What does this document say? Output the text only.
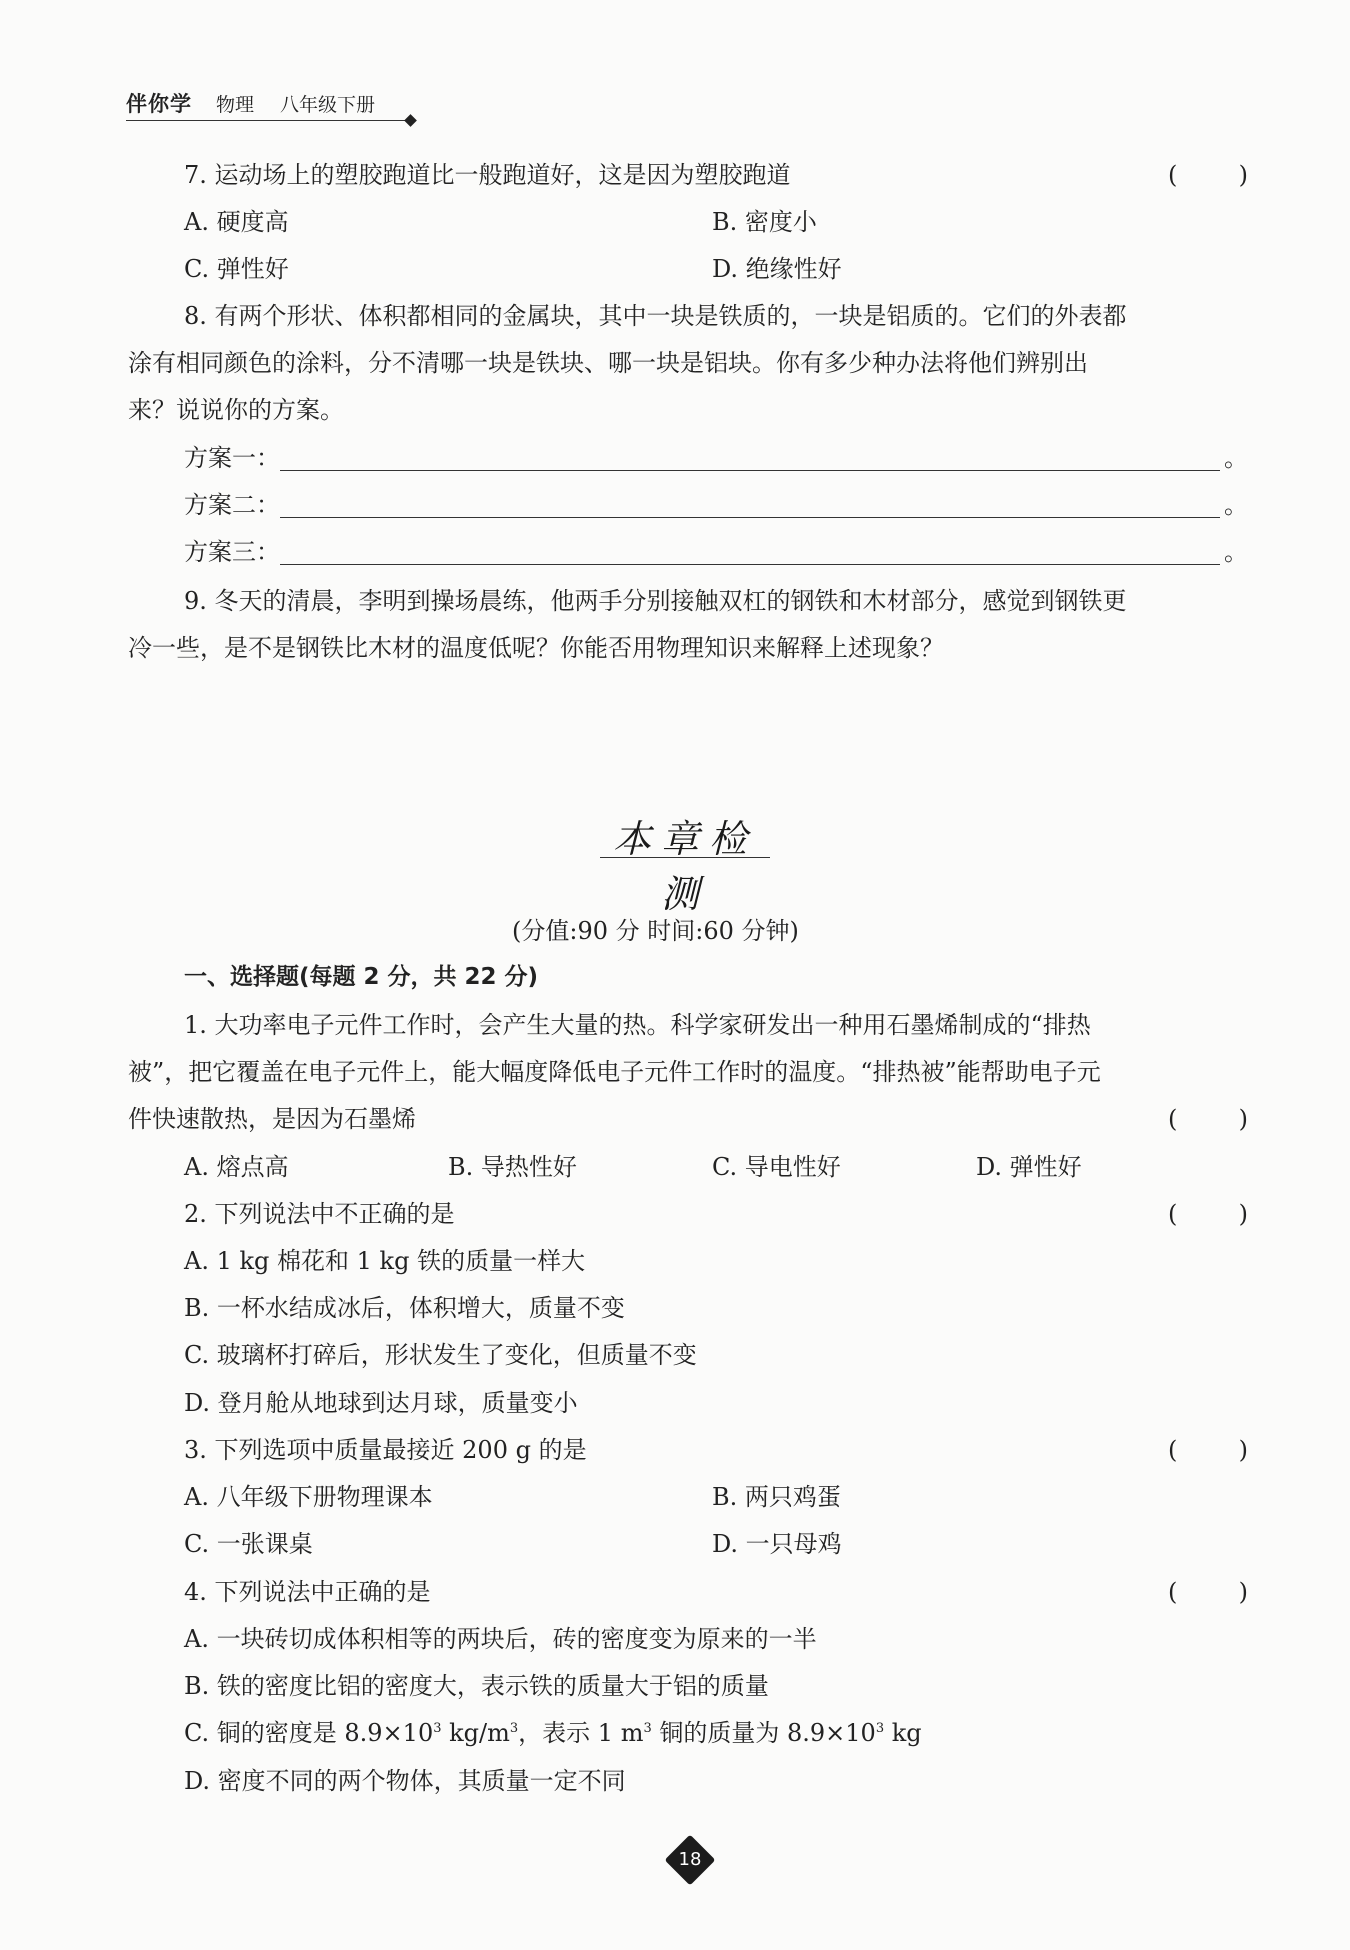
伴你学 物理 八年级下册
7. 运动场上的塑胶跑道比一般跑道好，这是因为塑胶跑道	(	)
A. 硬度高	B. 密度小
C. 弹性好	D. 绝缘性好
8. 有两个形状、体积都相同的金属块，其中一块是铁质的，一块是铝质的。它们的外表都
涂有相同颜色的涂料，分不清哪一块是铁块、哪一块是铝块。你有多少种办法将他们辨别出
来？说说你的方案。
方案一：	。
方案二：	。
方案三：	。
9. 冬天的清晨，李明到操场晨练，他两手分别接触双杠的钢铁和木材部分，感觉到钢铁更
冷一些，是不是钢铁比木材的温度低呢？你能否用物理知识来解释上述现象？
本章检测
(分值:90 分 时间:60 分钟)
一、选择题(每题 2 分，共 22 分)
1. 大功率电子元件工作时，会产生大量的热。科学家研发出一种用石墨烯制成的“排热
被”，把它覆盖在电子元件上，能大幅度降低电子元件工作时的温度。“排热被”能帮助电子元
件快速散热，是因为石墨烯	(	)
A. 熔点高	B. 导热性好	C. 导电性好	D. 弹性好
2. 下列说法中不正确的是	(	)
A. 1 kg 棉花和 1 kg 铁的质量一样大
B. 一杯水结成冰后，体积增大，质量不变
C. 玻璃杯打碎后，形状发生了变化，但质量不变
D. 登月舱从地球到达月球，质量变小
3. 下列选项中质量最接近 200 g 的是	(	)
A. 八年级下册物理课本	B. 两只鸡蛋
C. 一张课桌	D. 一只母鸡
4. 下列说法中正确的是	(	)
A. 一块砖切成体积相等的两块后，砖的密度变为原来的一半
B. 铁的密度比铝的密度大，表示铁的质量大于铝的质量
C. 铜的密度是 $8.9\times 10^3$ $kg/m^3$，表示 1 $m^3$ 铜的质量为 $8.9\times 10^3$ kg
D. 密度不同的两个物体，其质量一定不同
18
